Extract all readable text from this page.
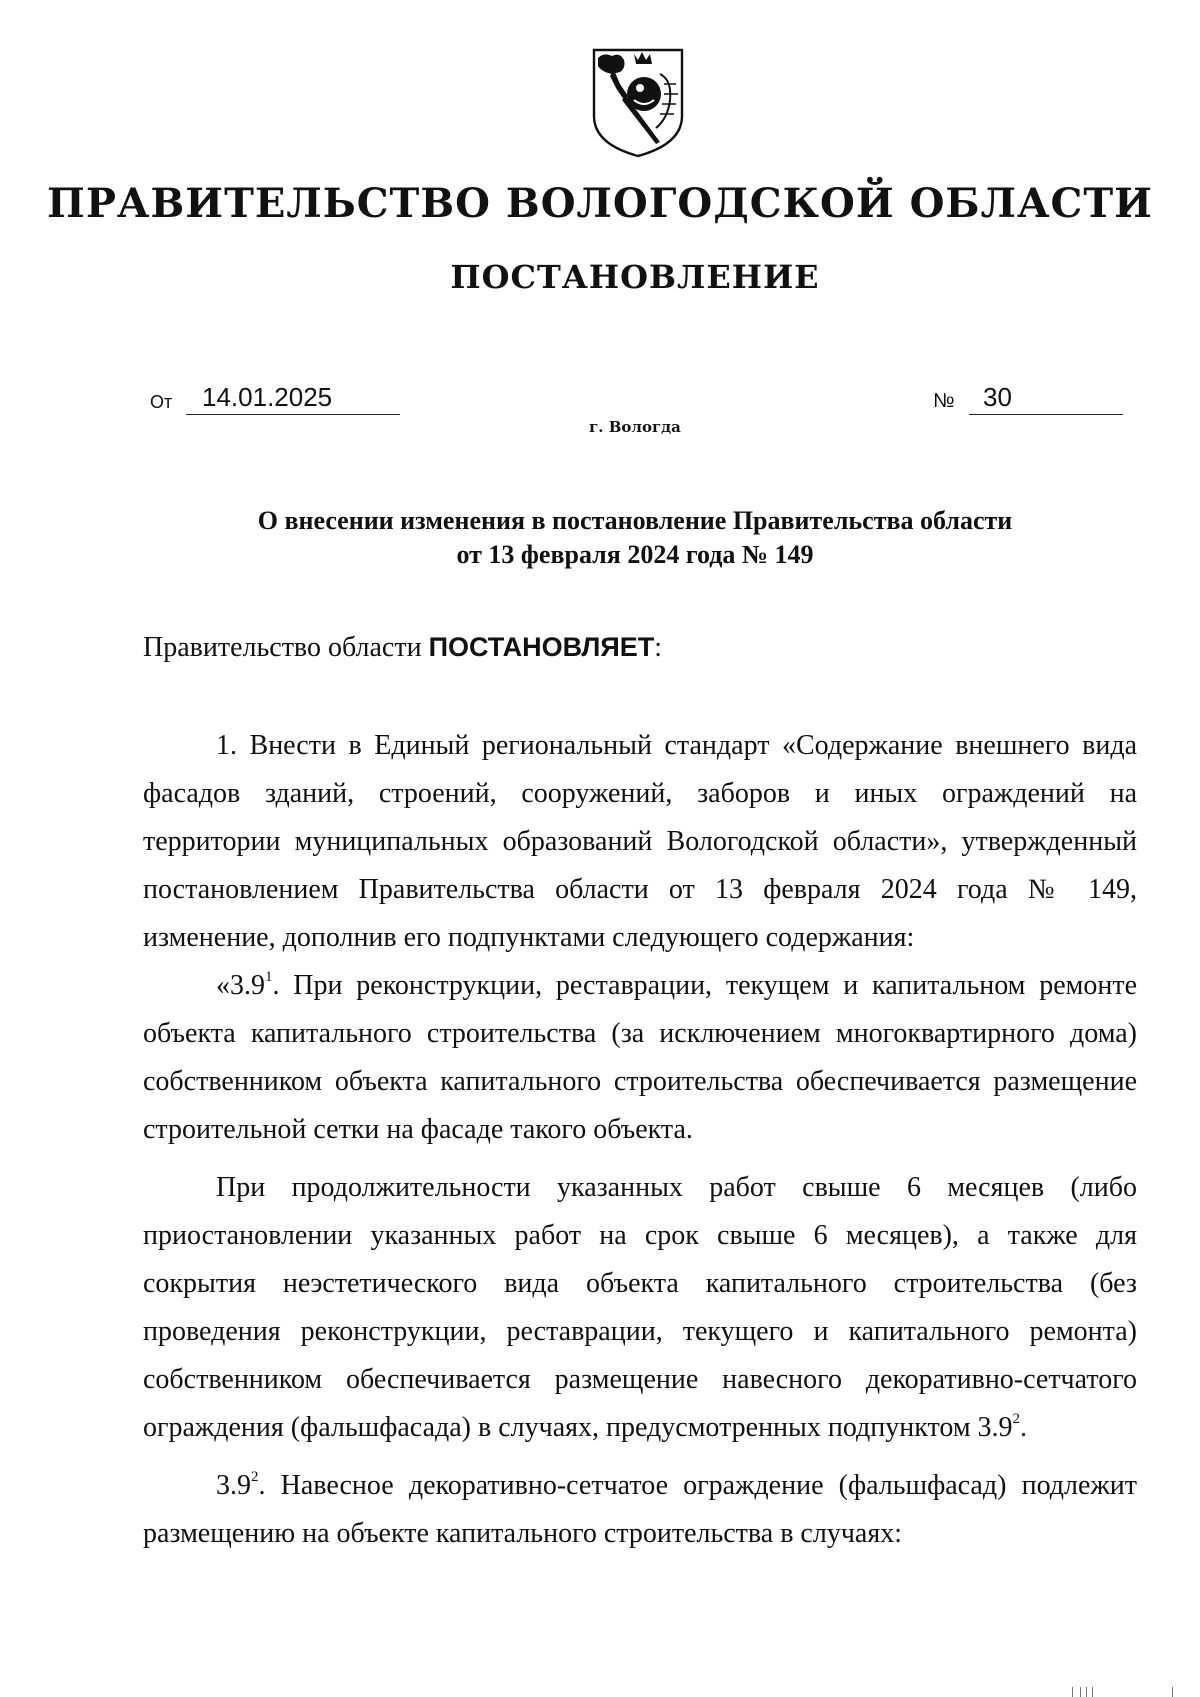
ПРАВИТЕЛЬСТВО ВОЛОГОДСКОЙ ОБЛАСТИ
ПОСТАНОВЛЕНИЕ
От 14.01.2025	№ 30
г. Вологда
О внесении изменения в постановление Правительства области
от 13 февраля 2024 года № 149
Правительство области ПОСТАНОВЛЯЕТ:

1. Внести в Единый региональный стандарт «Содержание внешнего вида фасадов зданий, строений, сооружений, заборов и иных ограждений на территории муниципальных образований Вологодской области», утвержденный постановлением Правительства области от 13 февраля 2024 года № 149, изменение, дополнив его подпунктами следующего содержания:

«$3.9^1$. При реконструкции, реставрации, текущем и капитальном ремонте объекта капитального строительства (за исключением многоквартирного дома) собственником объекта капитального строительства обеспечивается размещение строительной сетки на фасаде такого объекта.

При продолжительности указанных работ свыше 6 месяцев (либо приостановлении указанных работ на срок свыше 6 месяцев), а также для сокрытия неэстетического вида объекта капитального строительства (без проведения реконструкции, реставрации, текущего и капитального ремонта) собственником обеспечивается размещение навесного декоративно-сетчатого ограждения (фальшфасада) в случаях, предусмотренных подпунктом $3.9^2$.

$3.9^2$. Навесное декоративно-сетчатое ограждение (фальшфасад) подлежит размещению на объекте капитального строительства в случаях:
